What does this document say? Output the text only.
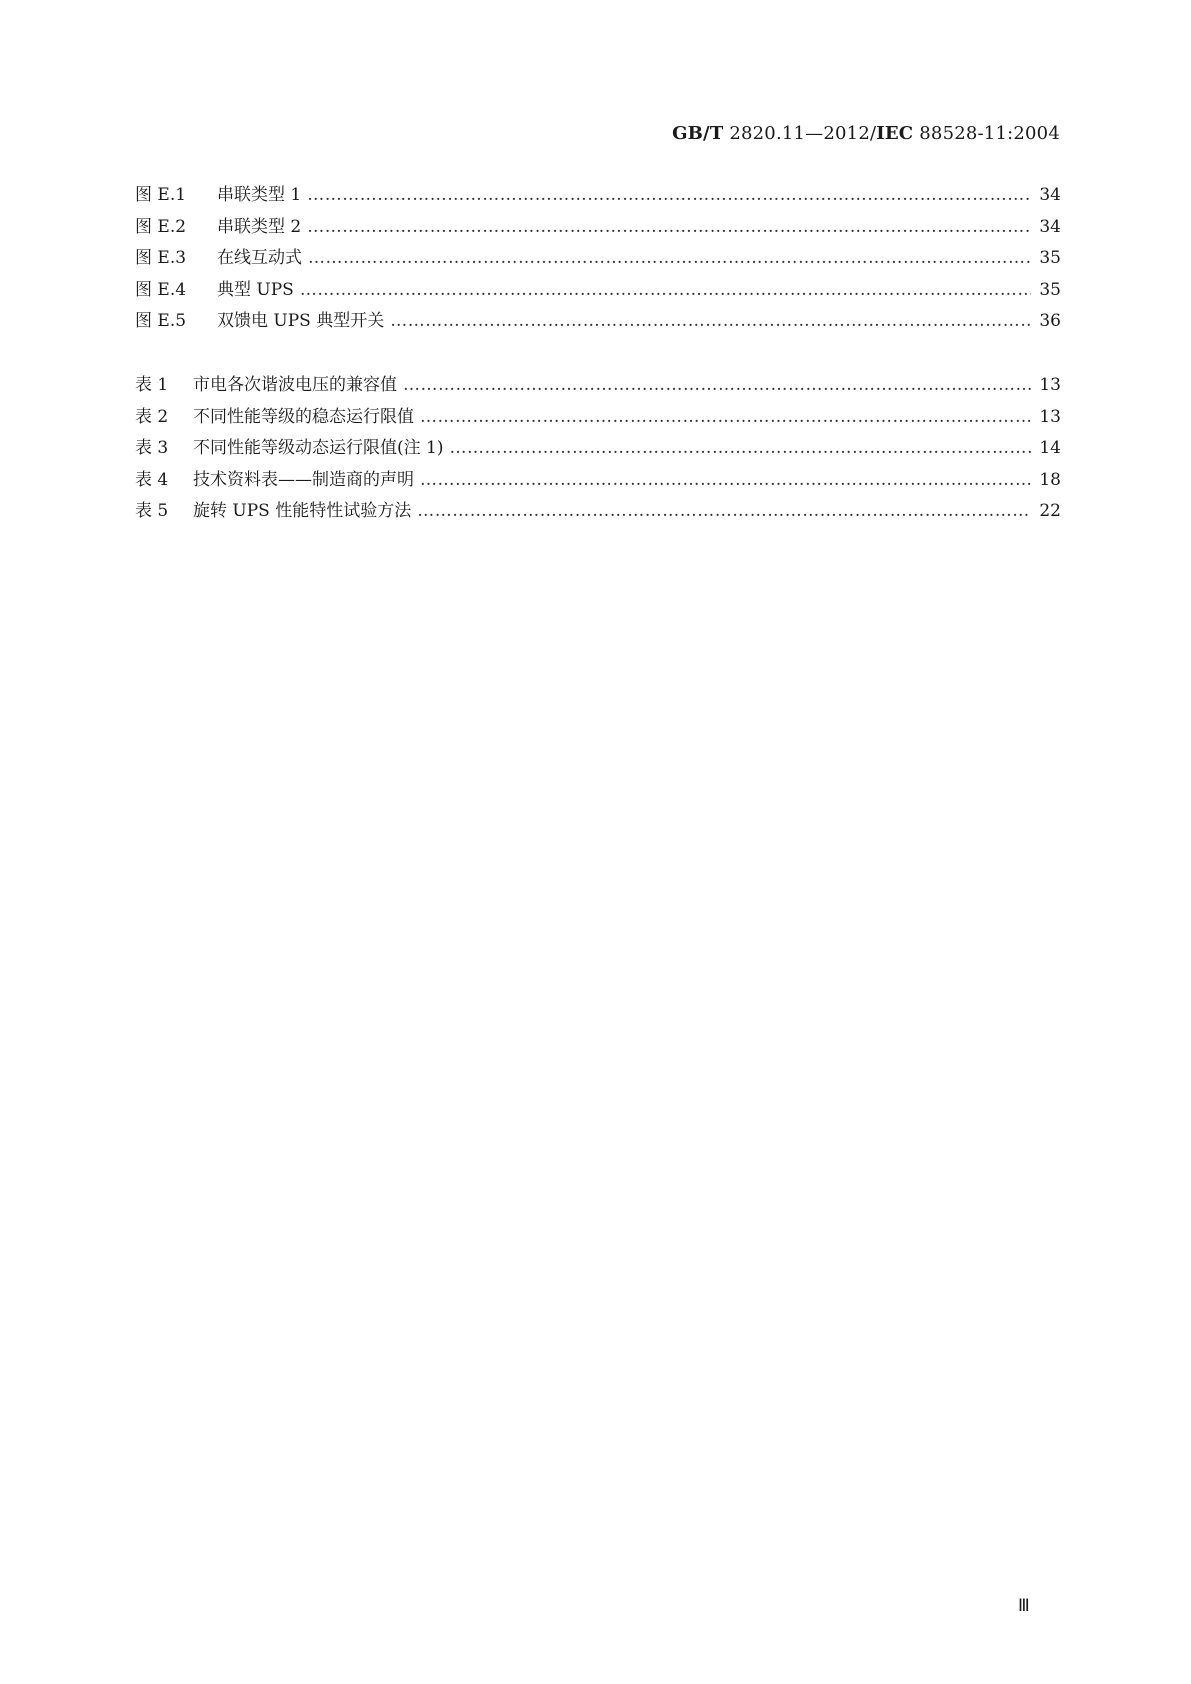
GB/T 2820.11—2012/IEC 88528-11:2004
图 E.1	串联类型 1 …………………………………………………………………………………………………………………………………………………………………………………………………………………………………………	34
图 E.2	串联类型 2 …………………………………………………………………………………………………………………………………………………………………………………………………………………………………………	34
图 E.3	在线互动式 …………………………………………………………………………………………………………………………………………………………………………………………………………………………………………	35
图 E.4	典型 UPS …………………………………………………………………………………………………………………………………………………………………………………………………………………………………………	35
图 E.5	双馈电 UPS 典型开关 …………………………………………………………………………………………………………………………………………………………………………………………………………………………………………	36
表 1	市电各次谐波电压的兼容值 …………………………………………………………………………………………………………………………………………………………………………………………………………………………………………	13
表 2	不同性能等级的稳态运行限值 …………………………………………………………………………………………………………………………………………………………………………………………………………………………………………	13
表 3	不同性能等级动态运行限值(注 1) …………………………………………………………………………………………………………………………………………………………………………………………………………………………………………	14
表 4	技术资料表——制造商的声明 …………………………………………………………………………………………………………………………………………………………………………………………………………………………………………	18
表 5	旋转 UPS 性能特性试验方法 …………………………………………………………………………………………………………………………………………………………………………………………………………………………………………	22
Ⅲ
